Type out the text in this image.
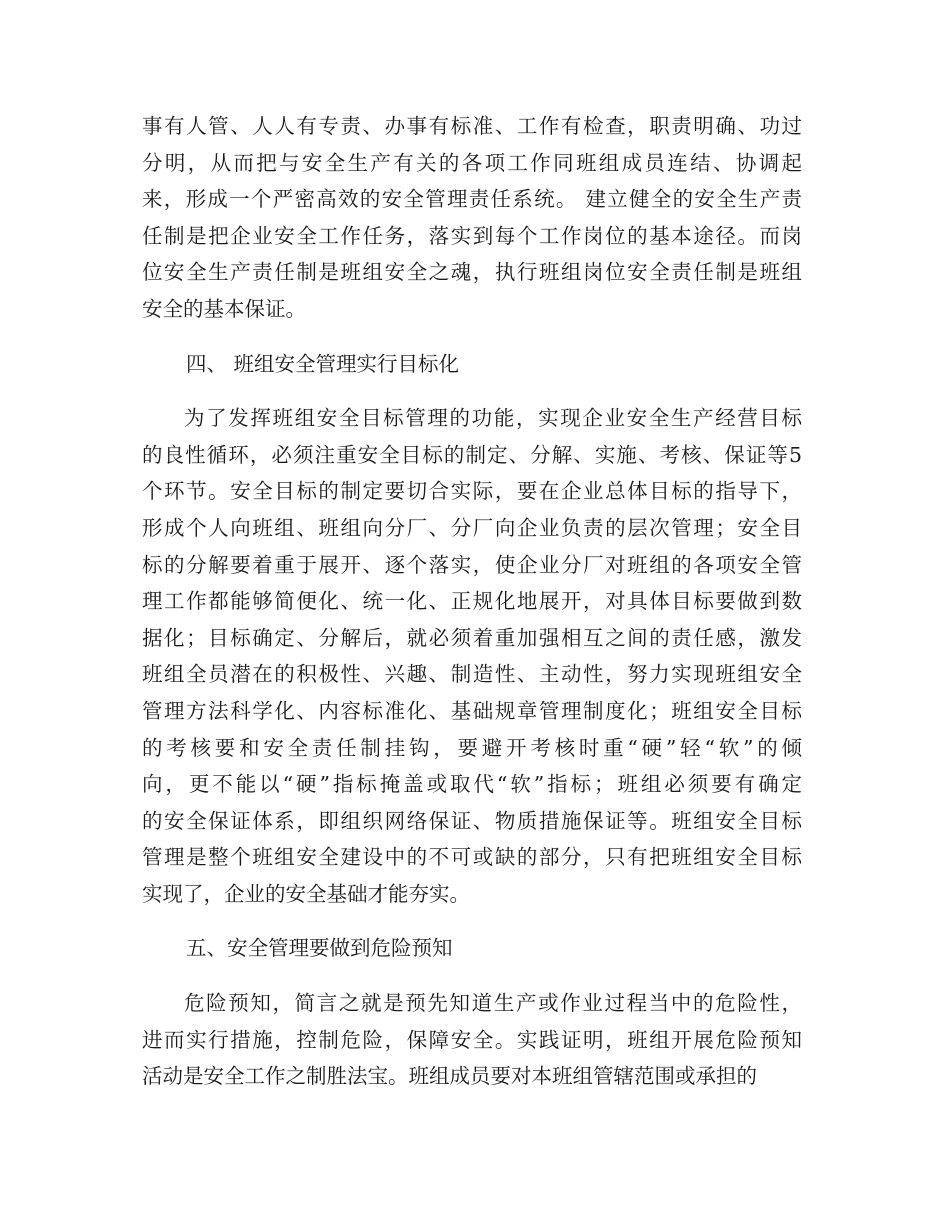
事有人管、人人有专责、办事有标准、工作有检查，职责明确、功过
分明，从而把与安全生产有关的各项工作同班组成员连结、协调起
来，形成一个严密高效的安全管理责任系统。 建立健全的安全生产责
任制是把企业安全工作任务，落实到每个工作岗位的基本途径。而岗
位安全生产责任制是班组安全之魂，执行班组岗位安全责任制是班组
安全的基本保证。
四、 班组安全管理实行目标化
为了发挥班组安全目标管理的功能，实现企业安全生产经营目标
的良性循环，必须注重安全目标的制定、分解、实施、考核、保证等5
个环节。安全目标的制定要切合实际，要在企业总体目标的指导下，
形成个人向班组、班组向分厂、分厂向企业负责的层次管理；安全目
标的分解要着重于展开、逐个落实，使企业分厂对班组的各项安全管
理工作都能够简便化、统一化、正规化地展开，对具体目标要做到数
据化；目标确定、分解后，就必须着重加强相互之间的责任感，激发
班组全员潜在的积极性、兴趣、制造性、主动性，努力实现班组安全
管理方法科学化、内容标准化、基础规章管理制度化；班组安全目标
的考核要和安全责任制挂钩，要避开考核时重“硬”轻“软”的倾
向，更不能以“硬”指标掩盖或取代“软”指标；班组必须要有确定
的安全保证体系，即组织网络保证、物质措施保证等。班组安全目标
管理是整个班组安全建设中的不可或缺的部分，只有把班组安全目标
实现了，企业的安全基础才能夯实。
五、安全管理要做到危险预知
危险预知，简言之就是预先知道生产或作业过程当中的危险性，
进而实行措施，控制危险，保障安全。实践证明，班组开展危险预知
活动是安全工作之制胜法宝。班组成员要对本班组管辖范围或承担的
